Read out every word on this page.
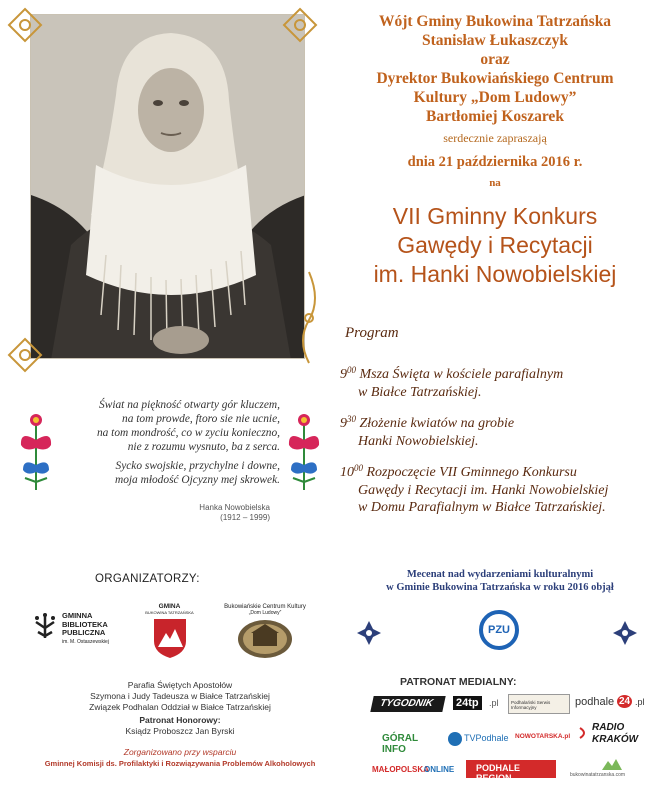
Wójt Gminy Bukowina Tatrzańska
Stanisław Łukaszczyk
oraz
Dyrektor Bukowiańskiego Centrum
Kultury „Dom Ludowy”
Bartłomiej Koszarek
serdecznie zapraszają
dnia 21 października 2016 r.
na
VII Gminny Konkurs
Gawędy i Recytacji
im. Hanki Nowobielskiej
Program
$9^{00}$ Msza Święta w kościele parafialnym
w Białce Tatrzańskiej.
$9^{30}$ Złożenie kwiatów na grobie
Hanki Nowobielskiej.
$10^{00}$ Rozpoczęcie VII Gminnego Konkursu
Gawędy i Recytacji im. Hanki Nowobielskiej
w Domu Parafialnym w Białce Tatrzańskiej.

Świat na piękność otwarty gór kluczem,
na tom prowde, ftoro sie nie ucnie,
na tom mondrość, co w zyciu konieczno,
nie z rozumu wysnuto, ba z serca.

Sycko swojskie, przychylne i downe,
moja młodość Ojcyzny mej skrowek.

Hanka Nowobielska
(1912 – 1999)
ORGANIZATORZY:
GMINNA
BIBLIOTEKA
PUBLICZNA
im. M. Ostaszewskiej
GMINA
BUKOWINA TATRZAŃSKA
Bukowiańskie Centrum Kultury
„Dom Ludowy”
Parafia Świętych Apostołów
Szymona i Judy Tadeusza w Białce Tatrzańskiej
Związek Podhalan Oddział w Białce Tatrzańskiej
Patronat Honorowy:
Ksiądz Proboszcz Jan Byrski
Zorganizowano przy wsparciu
Gminnej Komisji ds. Profilaktyki i Rozwiązywania Problemów Alkoholowych
Mecenat nad wydarzeniami kulturalnymi
w Gminie Bukowina Tatrzańska w roku 2016 objął
PZU
PATRONAT MEDIALNY:
TYGODNIK 24tp	.pl	Podhalański Serwis Informacyjny	podhale 24 .pl
GÓRAL INFO
TVPodhale NOWOTARSKA.pl
RADIO
KRAKÓW
MAŁOPOLSKA
ONLINE PODHALE REGION	bukowinatatrzanska.com
